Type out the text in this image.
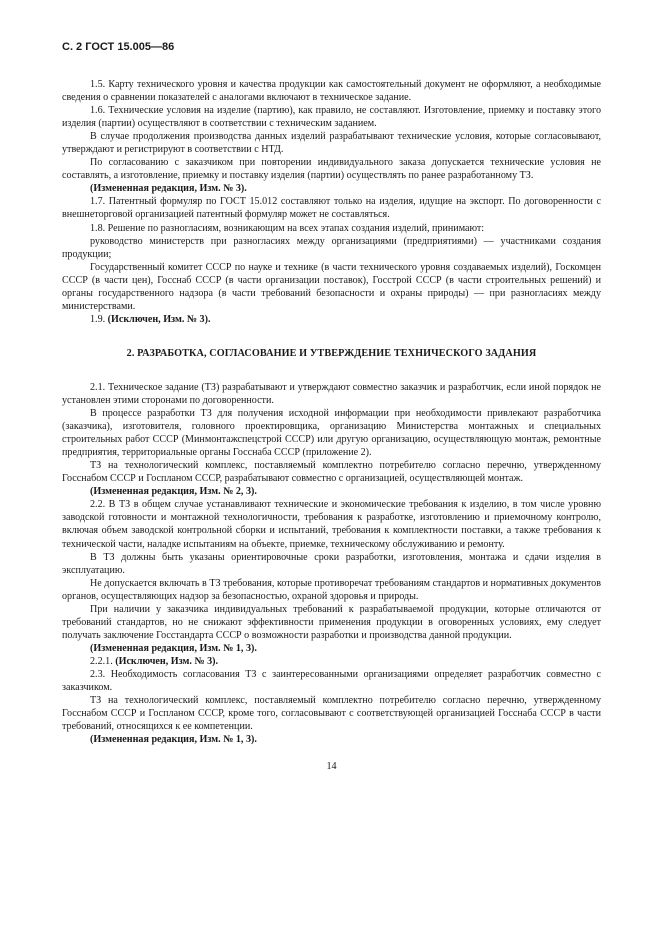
С. 2 ГОСТ 15.005—86

1.5. Карту технического уровня и качества продукции как самостоятельный документ не оформляют, а необходимые сведения о сравнении показателей с аналогами включают в техническое задание.

1.6. Технические условия на изделие (партию), как правило, не составляют. Изготовление, приемку и поставку этого изделия (партии) осуществляют в соответствии с техническим заданием.

В случае продолжения производства данных изделий разрабатывают технические условия, которые согласовывают, утверждают и регистрируют в соответствии с НТД.

По согласованию с заказчиком при повторении индивидуального заказа допускается технические условия не составлять, а изготовление, приемку и поставку изделия (партии) осуществлять по ранее разработанному ТЗ.

(Измененная редакция, Изм. № 3).

1.7. Патентный формуляр по ГОСТ 15.012 составляют только на изделия, идущие на экспорт. По договоренности с внешнеторговой организацией патентный формуляр может не составляться.

1.8. Решение по разногласиям, возникающим на всех этапах создания изделий, принимают:

руководство министерств при разногласиях между организациями (предприятиями) — участниками создания продукции;

Государственный комитет СССР по науке и технике (в части технического уровня создаваемых изделий), Госкомцен СССР (в части цен), Госснаб СССР (в части организации поставок), Госстрой СССР (в части строительных решений) и органы государственного надзора (в части требований безопасности и охраны природы) — при разногласиях между министерствами.

1.9. (Исключен, Изм. № 3).

2. РАЗРАБОТКА, СОГЛАСОВАНИЕ И УТВЕРЖДЕНИЕ ТЕХНИЧЕСКОГО ЗАДАНИЯ

2.1. Техническое задание (ТЗ) разрабатывают и утверждают совместно заказчик и разработчик, если иной порядок не установлен этими сторонами по договоренности.

В процессе разработки ТЗ для получения исходной информации при необходимости привлекают разработчика (заказчика), изготовителя, головного проектировщика, организацию Министерства монтажных и специальных строительных работ СССР (Минмонтажспецстрой СССР) или другую организацию, осуществляющую монтаж, ремонтные предприятия, территориальные органы Госснаба СССР (приложение 2).

ТЗ на технологический комплекс, поставляемый комплектно потребителю согласно перечню, утвержденному Госснабом СССР и Госпланом СССР, разрабатывают совместно с организацией, осуществляющей монтаж.

(Измененная редакция, Изм. № 2, 3).

2.2. В ТЗ в общем случае устанавливают технические и экономические требования к изделию, в том числе уровню заводской готовности и монтажной технологичности, требования к разработке, изготовлению и приемочному контролю, включая объем заводской контрольной сборки и испытаний, требования к комплектности поставки, а также требования к технической части, наладке испытаниям на объекте, приемке, техническому обслуживанию и ремонту.

В ТЗ должны быть указаны ориентировочные сроки разработки, изготовления, монтажа и сдачи изделия в эксплуатацию.

Не допускается включать в ТЗ требования, которые противоречат требованиям стандартов и нормативных документов органов, осуществляющих надзор за безопасностью, охраной здоровья и природы.

При наличии у заказчика индивидуальных требований к разрабатываемой продукции, которые отличаются от требований стандартов, но не снижают эффективности применения продукции в оговоренных условиях, ему следует получать заключение Госстандарта СССР о возможности разработки и производства данной продукции.

(Измененная редакция, Изм. № 1, 3).

2.2.1. (Исключен, Изм. № 3).

2.3. Необходимость согласования ТЗ с заинтересованными организациями определяет разработчик совместно с заказчиком.

ТЗ на технологический комплекс, поставляемый комплектно потребителю согласно перечню, утвержденному Госснабом СССР и Госпланом СССР, кроме того, согласовывают с соответствующей организацией Госснаба СССР в части требований, относящихся к ее компетенции.

(Измененная редакция, Изм. № 1, 3).

14
